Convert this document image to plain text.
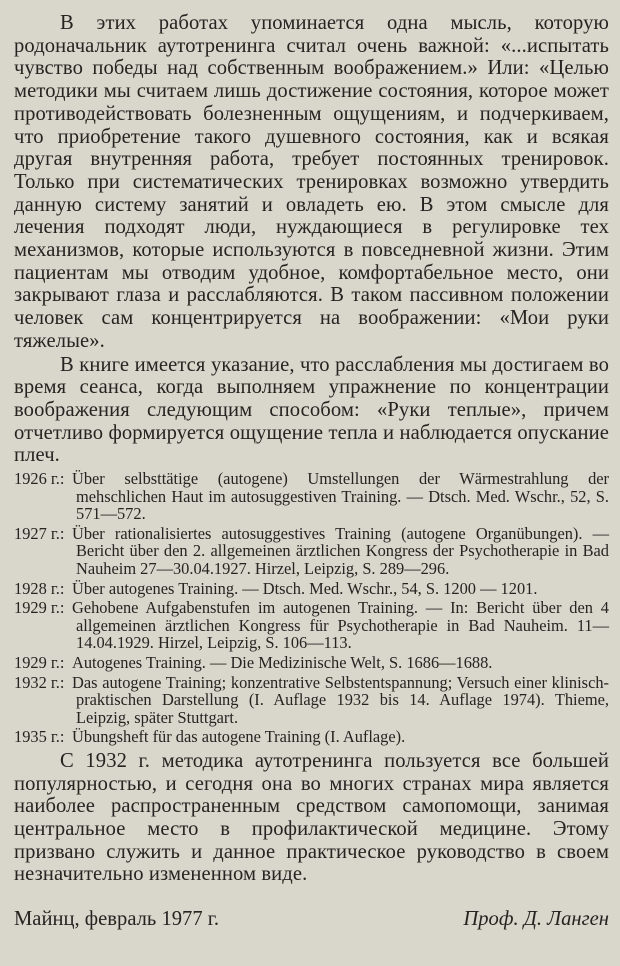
В этих работах упоминается одна мысль, которую родоначальник аутотренинга считал очень важной: «...испытать чувство победы над собственным воображением.» Или: «Целью методики мы считаем лишь достижение состояния, которое может противодействовать болезненным ощущениям, и подчеркиваем, что приобретение такого душевного состояния, как и всякая другая внутренняя работа, требует постоянных тренировок. Только при систематических тренировках возможно утвердить данную систему занятий и овладеть ею. В этом смысле для лечения подходят люди, нуждающиеся в регулировке тех механизмов, которые используются в повседневной жизни. Этим пациентам мы отводим удобное, комфортабельное место, они закрывают глаза и расслабляются. В таком пассивном положении человек сам концентрируется на воображении: «Мои руки тяжелые».

В книге имеется указание, что расслабления мы достигаем во время сеанса, когда выполняем упражнение по концентрации воображения следующим способом: «Руки теплые», причем отчетливо формируется ощущение тепла и наблюдается опускание плеч.

1926 г.: Über selbsttätige (autogene) Umstellungen der Wärmestrahlung der mehschlichen Haut im autosuggestiven Training. — Dtsch. Med. Wschr., 52, S. 571—572.

1927 г.: Über rationalisiertes autosuggestives Training (autogene Organübungen). — Bericht über den 2. allgemeinen ärztlichen Kongress der Psychotherapie in Bad Nauheim 27—30.04.1927. Hirzel, Leipzig, S. 289—296.

1928 г.: Über autogenes Training. — Dtsch. Med. Wschr., 54, S. 1200 — 1201.

1929 г.: Gehobene Aufgabenstufen im autogenen Training. — In: Bericht über den 4 allgemeinen ärztlichen Kongress für Psychotherapie in Bad Nauheim. 11—14.04.1929. Hirzel, Leipzig, S. 106—113.

1929 г.: Autogenes Training. — Die Medizinische Welt, S. 1686—1688.

1932 г.: Das autogene Training; konzentrative Selbstentspannung; Versuch einer klinisch-praktischen Darstellung (I. Auflage 1932 bis 14. Auflage 1974). Thieme, Leipzig, später Stuttgart.

1935 г.: Übungsheft für das autogene Training (I. Auflage).

С 1932 г. методика аутотренинга пользуется все большей популярностью, и сегодня она во многих странах мира является наиболее распространенным средством самопомощи, занимая центральное место в профилактической медицине. Этому призвано служить и данное практическое руководство в своем незначительно измененном виде.

Майнц, февраль 1977 г.	Проф. Д. Ланген
